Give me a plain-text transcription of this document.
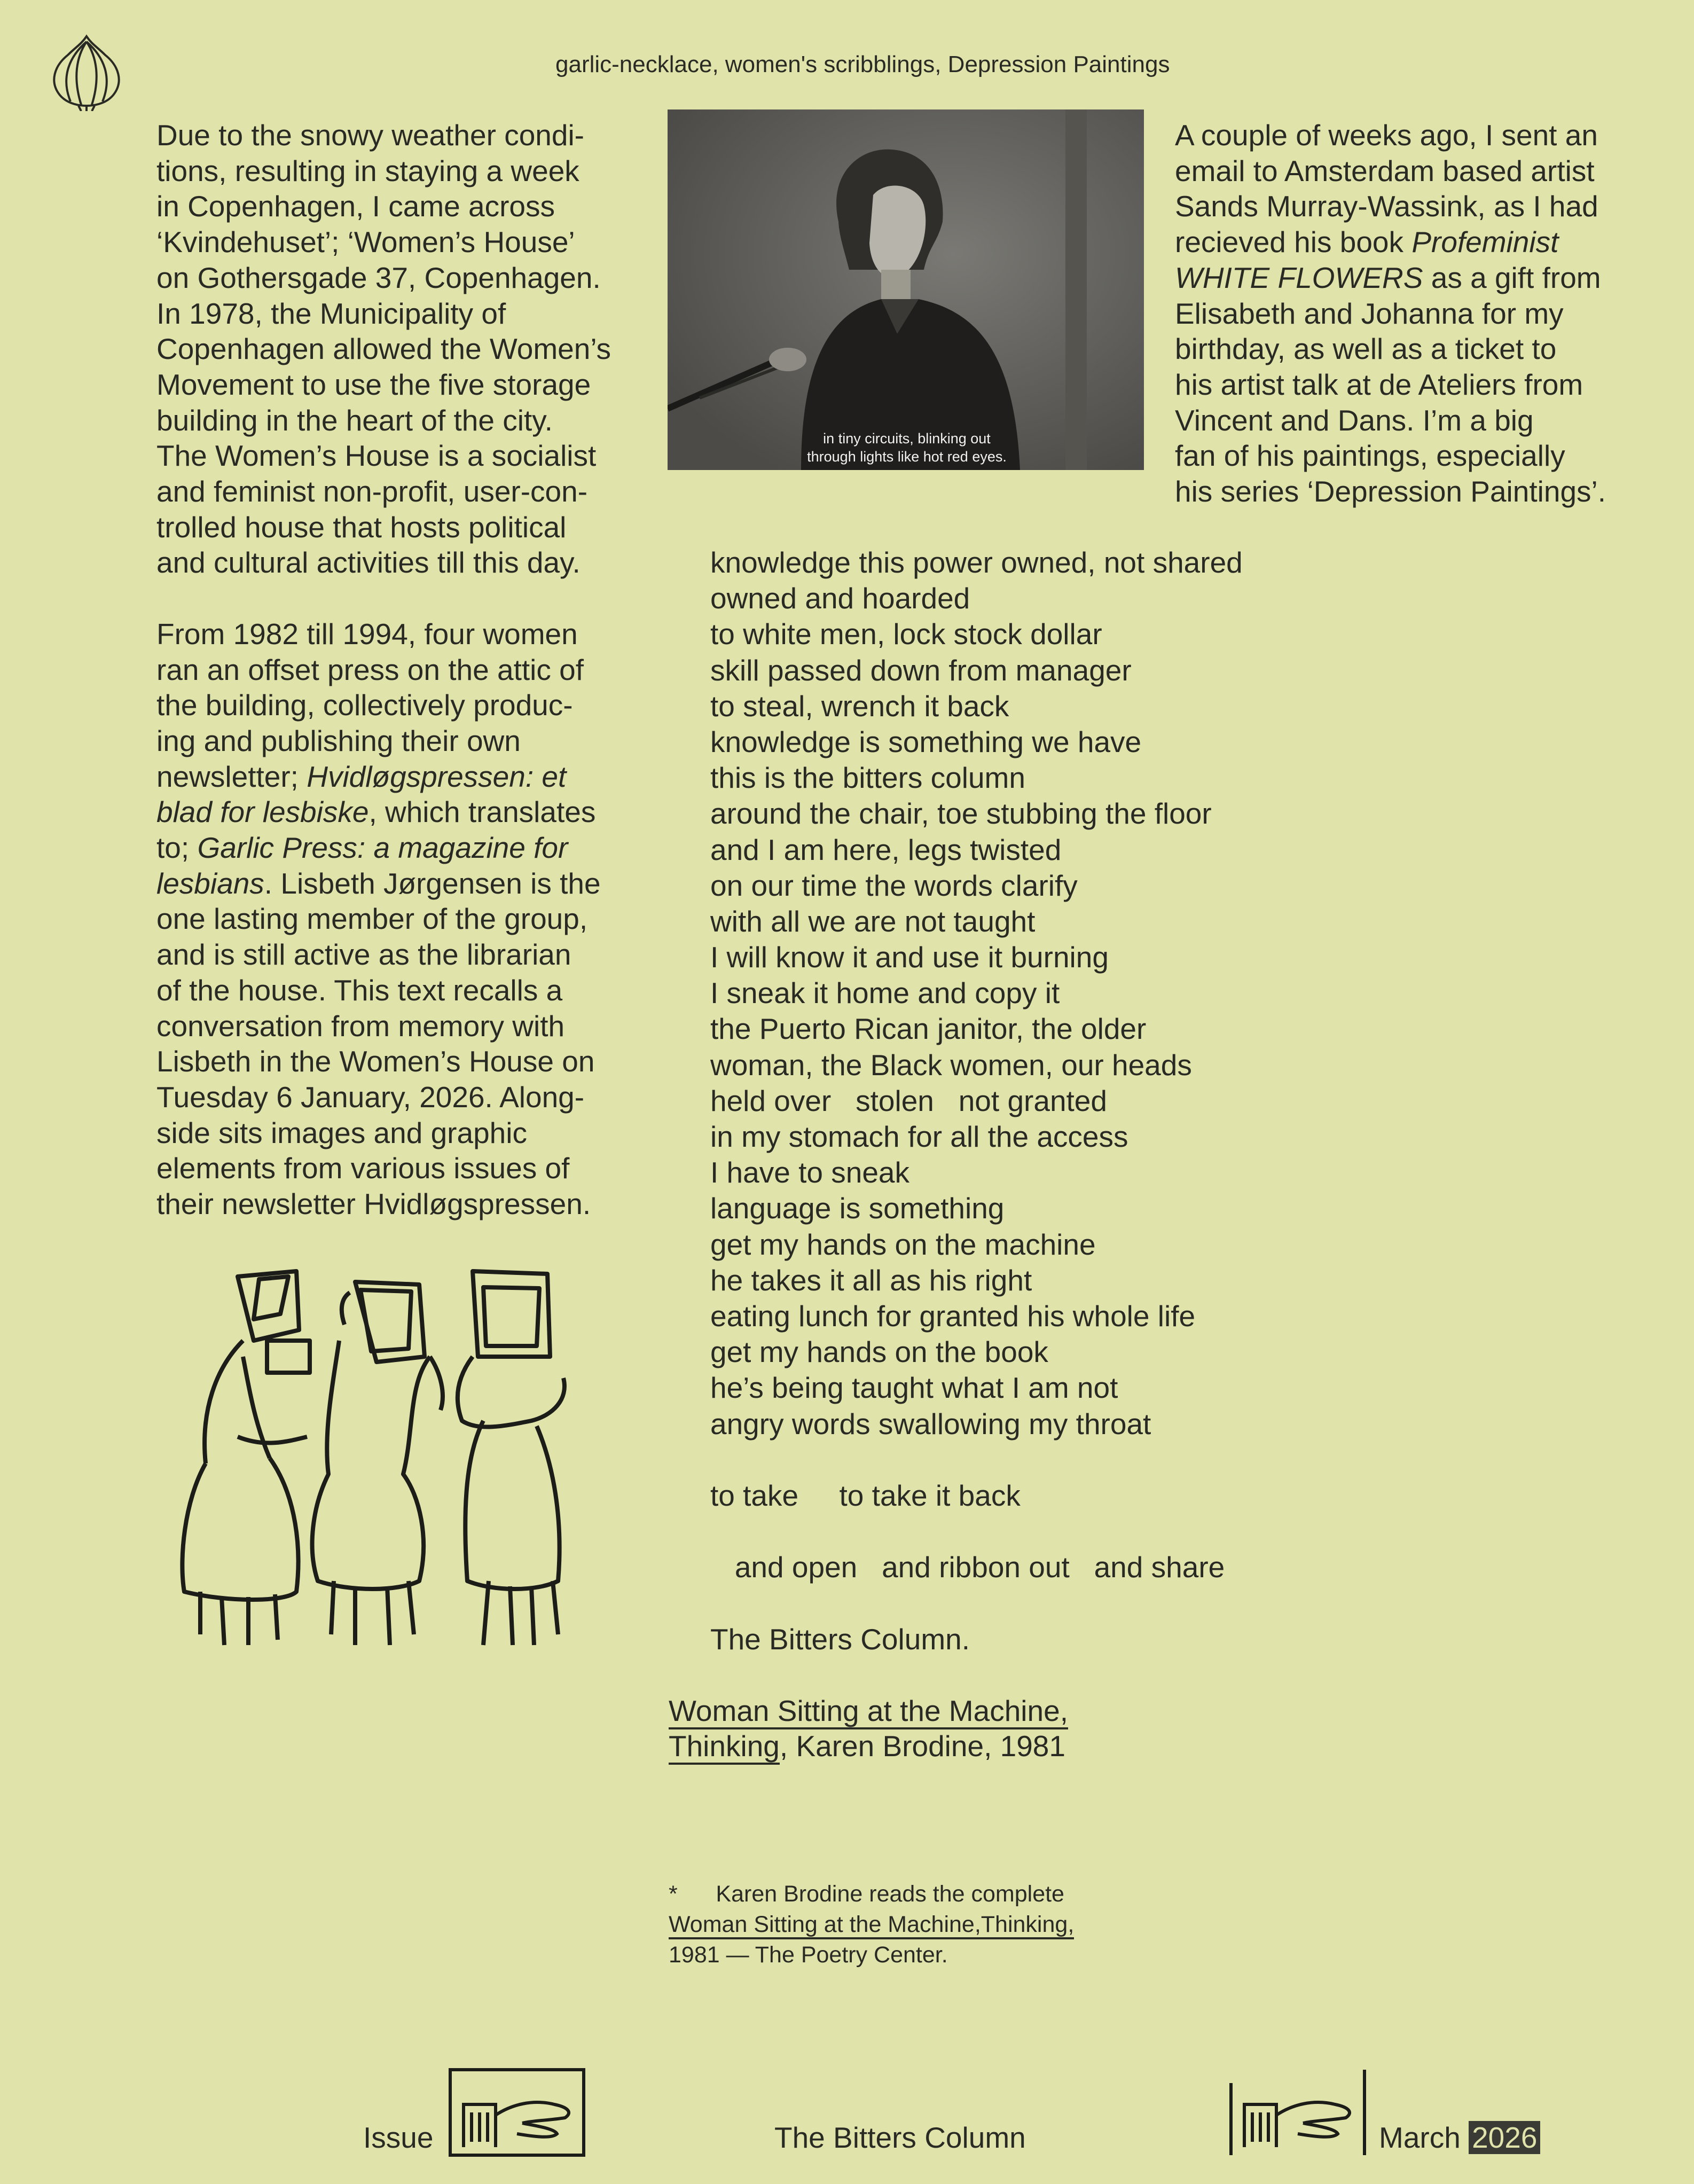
garlic-necklace, women's scribblings, Depression Paintings
Due to the snowy weather condi-
tions, resulting in staying a week
in Copenhagen, I came across
‘Kvindehuset’; ‘Women’s House’
on Gothersgade 37, Copenhagen.
In 1978, the Municipality of
Copenhagen allowed the Women’s
Movement to use the five storage
building in the heart of the city.
The Women’s House is a socialist
and feminist non-profit, user-con-
trolled house that hosts political
and cultural activities till this day.
From 1982 till 1994, four women
ran an offset press on the attic of
the building, collectively produc-
ing and publishing their own
newsletter; Hvidløgspressen: et
blad for lesbiske, which translates
to; Garlic Press: a magazine for
lesbians. Lisbeth Jørgensen is the
one lasting member of the group,
and is still active as the librarian
of the house. This text recalls a
conversation from memory with
Lisbeth in the Women’s House on
Tuesday 6 January, 2026. Along-
side sits images and graphic
elements from various issues of
their newsletter Hvidløgspressen.
in tiny circuits, blinking out
through lights like hot red eyes.
A couple of weeks ago, I sent an
email to Amsterdam based artist
Sands Murray-Wassink, as I had
recieved his book Profeminist
WHITE FLOWERS as a gift from
Elisabeth and Johanna for my
birthday, as well as a ticket to
his artist talk at de Ateliers from
Vincent and Dans. I’m a big
fan of his paintings, especially
his series ‘Depression Paintings’.
knowledge this power owned, not shared
owned and hoarded
to white men, lock stock dollar
skill passed down from manager
to steal, wrench it back
knowledge is something we have
this is the bitters column
around the chair, toe stubbing the floor
and I am here, legs twisted
on our time the words clarify
with all we are not taught
I will know it and use it burning
I sneak it home and copy it
the Puerto Rican janitor, the older
woman, the Black women, our heads
held over   stolen   not granted
in my stomach for all the access
I have to sneak
language is something
get my hands on the machine
he takes it all as his right
eating lunch for granted his whole life
get my hands on the book
he’s being taught what I am not
angry words swallowing my throat
to take     to take it back
and open   and ribbon out   and share
The Bitters Column.
Woman Sitting at the Machine,
Thinking, Karen Brodine, 1981
*      Karen Brodine reads the complete
Woman Sitting at the Machine,Thinking,
1981 — The Poetry Center.
Issue	The Bitters Column	March 2026
